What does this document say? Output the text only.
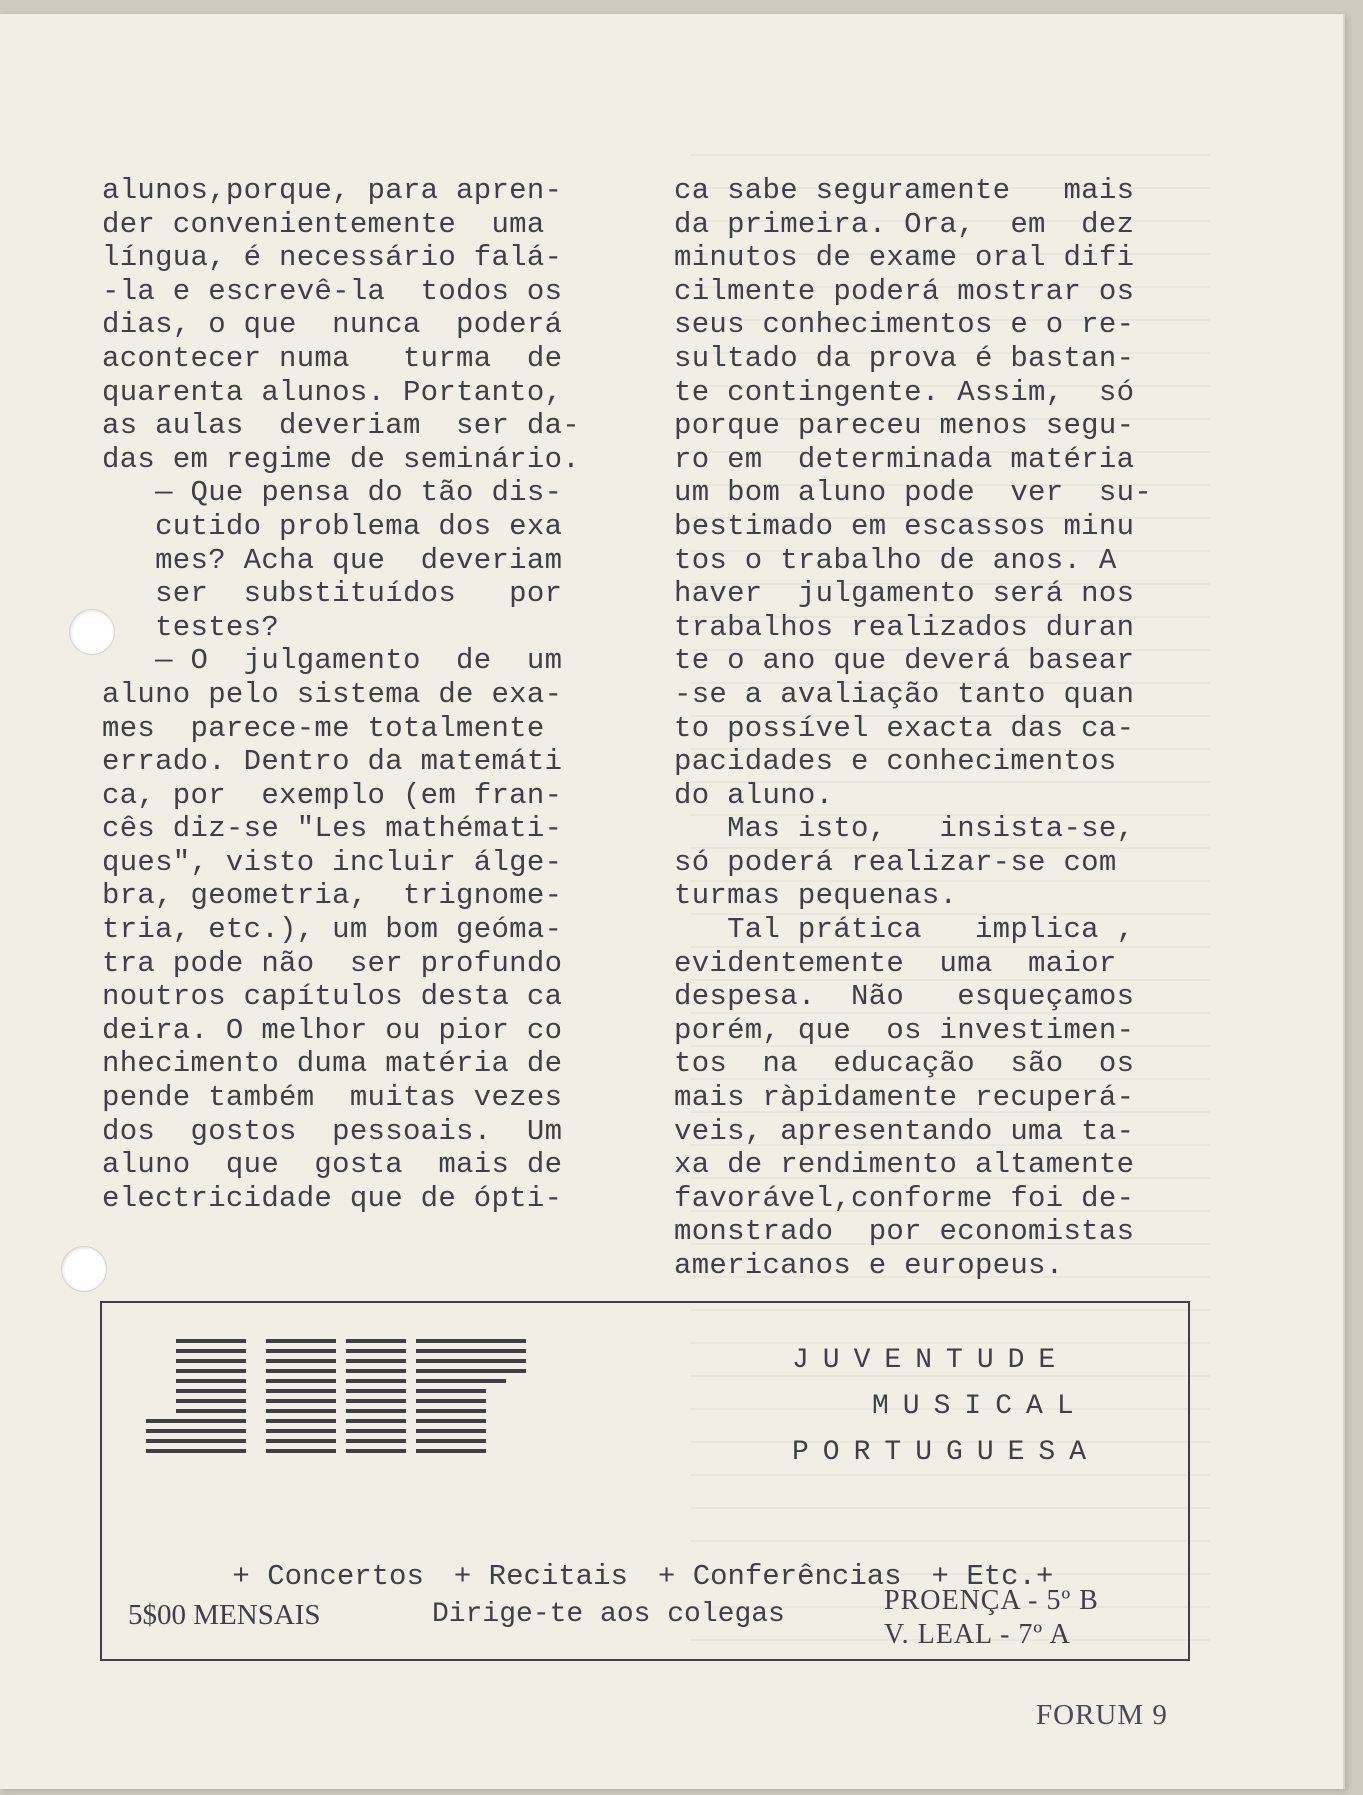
alunos,porque, para apren-
der convenientemente  uma
língua, é necessário falá-
-la e escrevê-la  todos os
dias, o que  nunca  poderá
acontecer numa   turma  de
quarenta alunos. Portanto,
as aulas  deveriam  ser da-
das em regime de seminário.
— Que pensa do tão dis-
cutido problema dos exa
mes? Acha que  deveriam
ser  substituídos   por
testes?
— O  julgamento  de  um
aluno pelo sistema de exa-
mes  parece-me totalmente
errado. Dentro da matemáti
ca, por  exemplo (em fran-
cês diz-se "Les mathémati-
ques", visto incluir álge-
bra, geometria,  trignome-
tria, etc.), um bom geóma-
tra pode não  ser profundo
noutros capítulos desta ca
deira. O melhor ou pior co
nhecimento duma matéria de
pende também  muitas vezes
dos  gostos  pessoais.  Um
aluno  que  gosta  mais de
electricidade que de ópti-
ca sabe seguramente   mais
da primeira. Ora,  em  dez
minutos de exame oral difi
cilmente poderá mostrar os
seus conhecimentos e o re-
sultado da prova é bastan-
te contingente. Assim,  só
porque pareceu menos segu-
ro em  determinada matéria
um bom aluno pode  ver  su-
bestimado em escassos minu
tos o trabalho de anos. A
haver  julgamento será nos
trabalhos realizados duran
te o ano que deverá basear
-se a avaliação tanto quan
to possível exacta das ca-
pacidades e conhecimentos
do aluno.
Mas isto,   insista-se,
só poderá realizar-se com
turmas pequenas.
Tal prática   implica ,
evidentemente  uma  maior
despesa.  Não   esqueçamos
porém, que  os investimen-
tos  na  educação  são  os
mais ràpidamente recuperá-
veis, apresentando uma ta-
xa de rendimento altamente
favorável,conforme foi de-
monstrado  por economistas
americanos e europeus.
JUVENTUDE
MUSICAL
PORTUGUESA

+ Concertos + Recitais + Conferências + Etc.+

5$00 MENSAIS	Dirige-te aos colegas	PROENÇA - 5º B
V. LEAL - 7º A
FORUM 9
